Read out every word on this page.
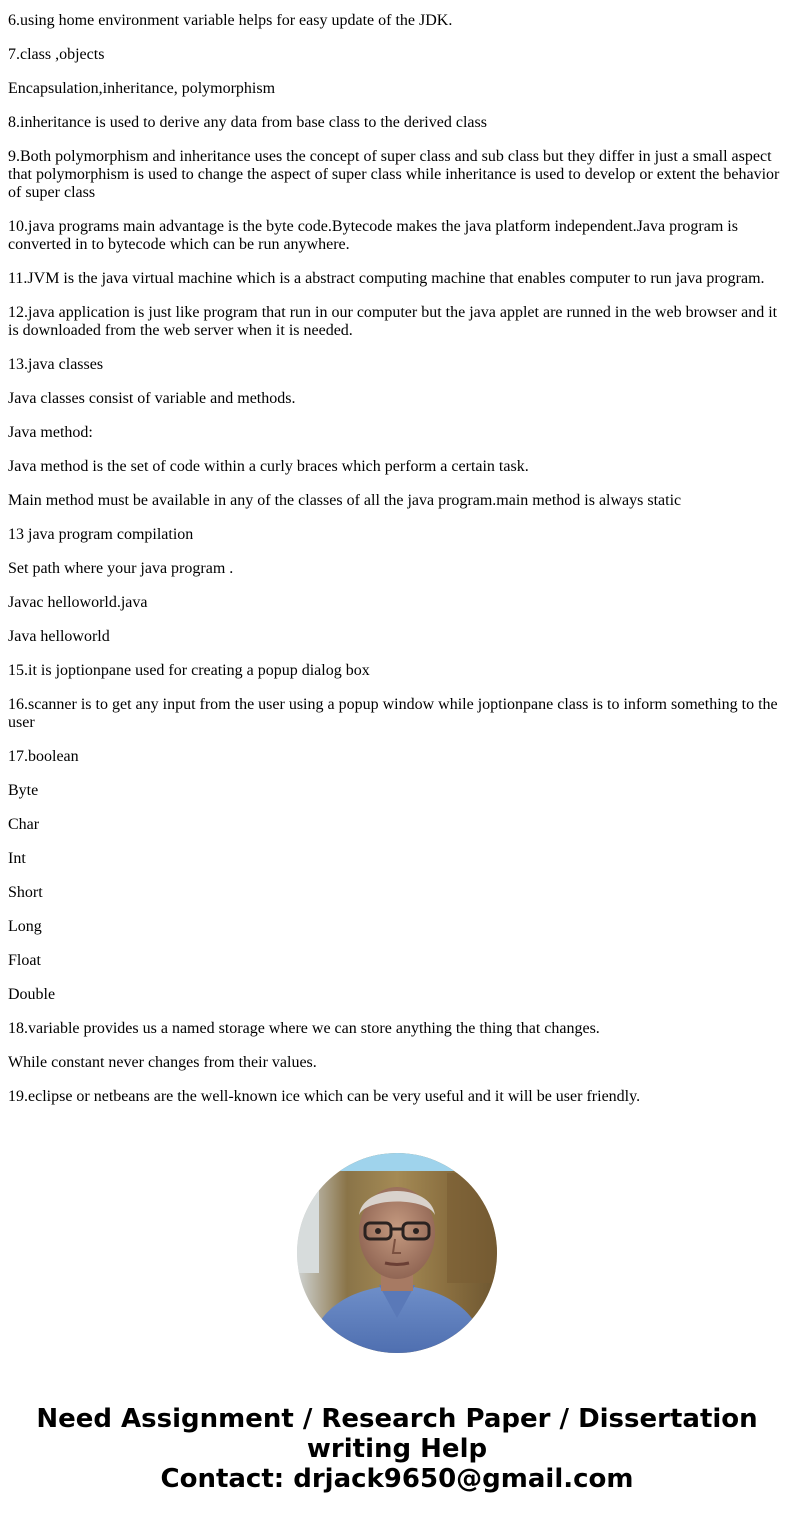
6.using home environment variable helps for easy update of the JDK.

7.class ,objects

Encapsulation,inheritance, polymorphism

8.inheritance is used to derive any data from base class to the derived class

9.Both polymorphism and inheritance uses the concept of super class and sub class but they differ in just a small aspect that polymorphism is used to change the aspect of super class while inheritance is used to develop or extent the behavior of super class

10.java programs main advantage is the byte code.Bytecode makes the java platform independent.Java program is converted in to bytecode which can be run anywhere.

11.JVM is the java virtual machine which is a abstract computing machine that enables computer to run java program.

12.java application is just like program that run in our computer but the java applet are runned in the web browser and it is downloaded from the web server when it is needed.

13.java classes

Java classes consist of variable and methods.

Java method:

Java method is the set of code within a curly braces which perform a certain task.

Main method must be available in any of the classes of all the java program.main method is always static

13 java program compilation

Set path where your java program .

Javac helloworld.java

Java helloworld

15.it is joptionpane used for creating a popup dialog box

16.scanner is to get any input from the user using a popup window while joptionpane class is to inform something to the user

17.boolean

Byte

Char

Int

Short

Long

Float

Double

18.variable provides us a named storage where we can store anything the thing that changes.

While constant never changes from their values.

19.eclipse or netbeans are the well-known ice which can be very useful and it will be user friendly.

Need Assignment / Research Paper / Dissertation writing Help
Contact: drjack9650@gmail.com
